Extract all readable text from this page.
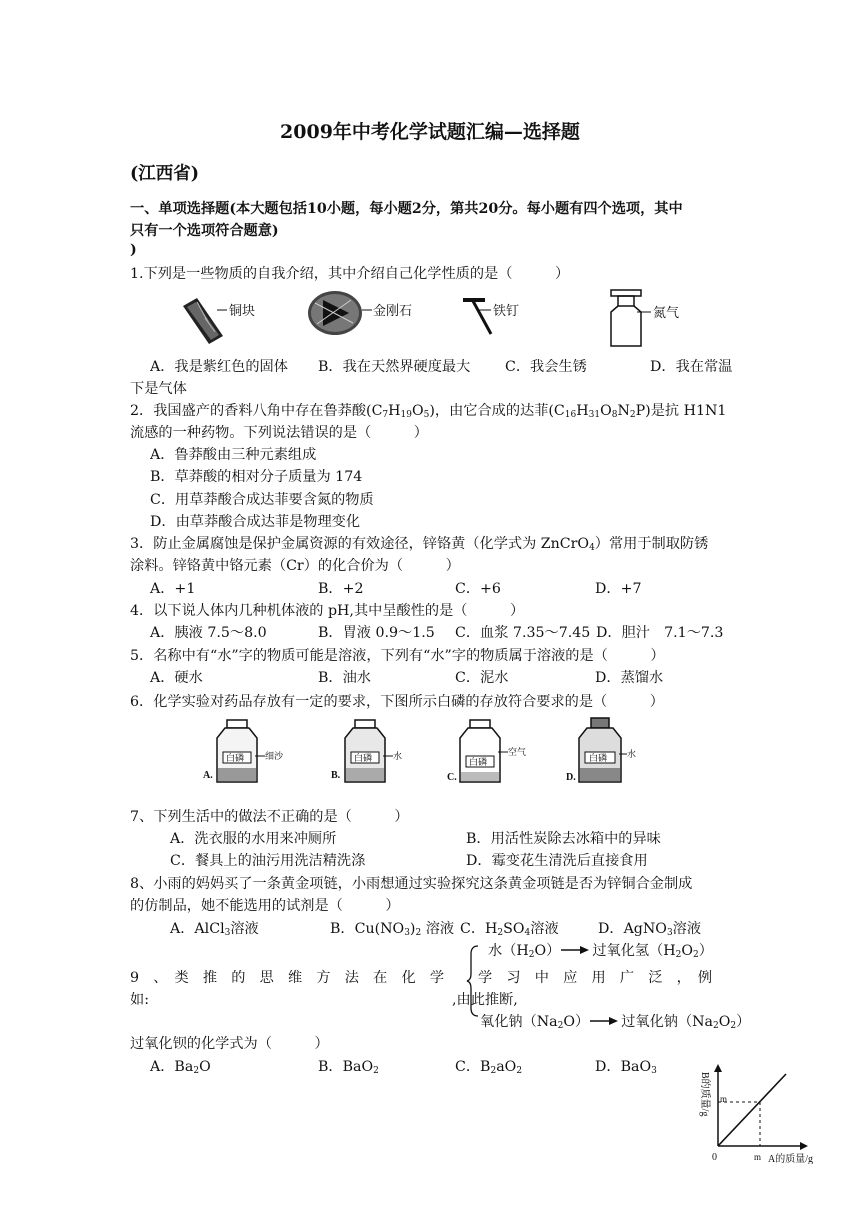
2009年中考化学试题汇编—选择题
(江西省)
一、单项选择题(本大题包括10小题，每小题2分，第共20分。每小题有四个选项，其中
只有一个选项符合题意)
)
1.下列是一些物质的自我介绍，其中介绍自己化学性质的是（　　　）
铜块	金刚石	铁钉	氮气
A．我是紫红色的固体 B．我在天然界硬度最大 C．我会生锈	D．我在常温
下是气体
2．我国盛产的香料八角中存在鲁莽酸$(C_7H_{19}O_5)$，由它合成的达菲$(C_{16}H_{31}O_8N_2P)$是抗 H1N1
流感的一种药物。下列说法错误的是（　　　）
A．鲁莽酸由三种元素组成
B．草莽酸的相对分子质量为 174
C．用草莽酸合成达菲要含氮的物质
D．由草莽酸合成达菲是物理变化
3．防止金属腐蚀是保护金属资源的有效途径，锌铬黄（化学式为 ZnCrO$_4$）常用于制取防锈
涂料。锌铬黄中铬元素（Cr）的化合价为（　　　）
A．+1	B．+2	C．+6	D．+7
4．以下说人体内几种机体液的 pH,其中呈酸性的是（　　　）
A．胰液 7.5～8.0	B．胃液 0.9～1.5 C．血浆 7.35～7.45 D．胆汁　7.1～7.3
5．名称中有“水”字的物质可能是溶液，下列有“水”字的物质属于溶液的是（　　　）
A．硬水	B．油水	C．泥水	D．蒸馏水
6．化学实验对药品存放有一定的要求，下图所示白磷的存放符合要求的是（　　　）
白磷	白磷	白磷	白磷
A.	B.	C.	D.
细沙	水	空气	水
7、下列生活中的做法不正确的是（　　　）
A．洗衣服的水用来冲厕所	B．用活性炭除去冰箱中的异味
C．餐具上的油污用洗洁精洗涤	D．霉变花生清洗后直接食用
8、小雨的妈妈买了一条黄金项链，小雨想通过实验探究这条黄金项链是否为锌铜合金制成
的仿制品，她不能选用的试剂是（　　　）
A．AlCl$_3$溶液	B．$Cu(NO_3)_2$ 溶液 C．$H_2SO_4$溶液	D．AgNO$_3$溶液
水$(H_2O)$ 过氧化氢$(H_2O_2)$
9　、　类　推　的　思　维　方　法　在　化　学 学　习　中　应　用　广　泛　，　例
如:	,由此推断,
氧化钠$(Na_2O)$ 过氧化钠$(Na_2O_2)$
过氧化钡的化学式为（　　　）
A．$Ba_2O$	B．BaO$_2$	C．$B_2aO_2$	D．BaO$_3$
m
0	m A的质量/g
B的质量/g
